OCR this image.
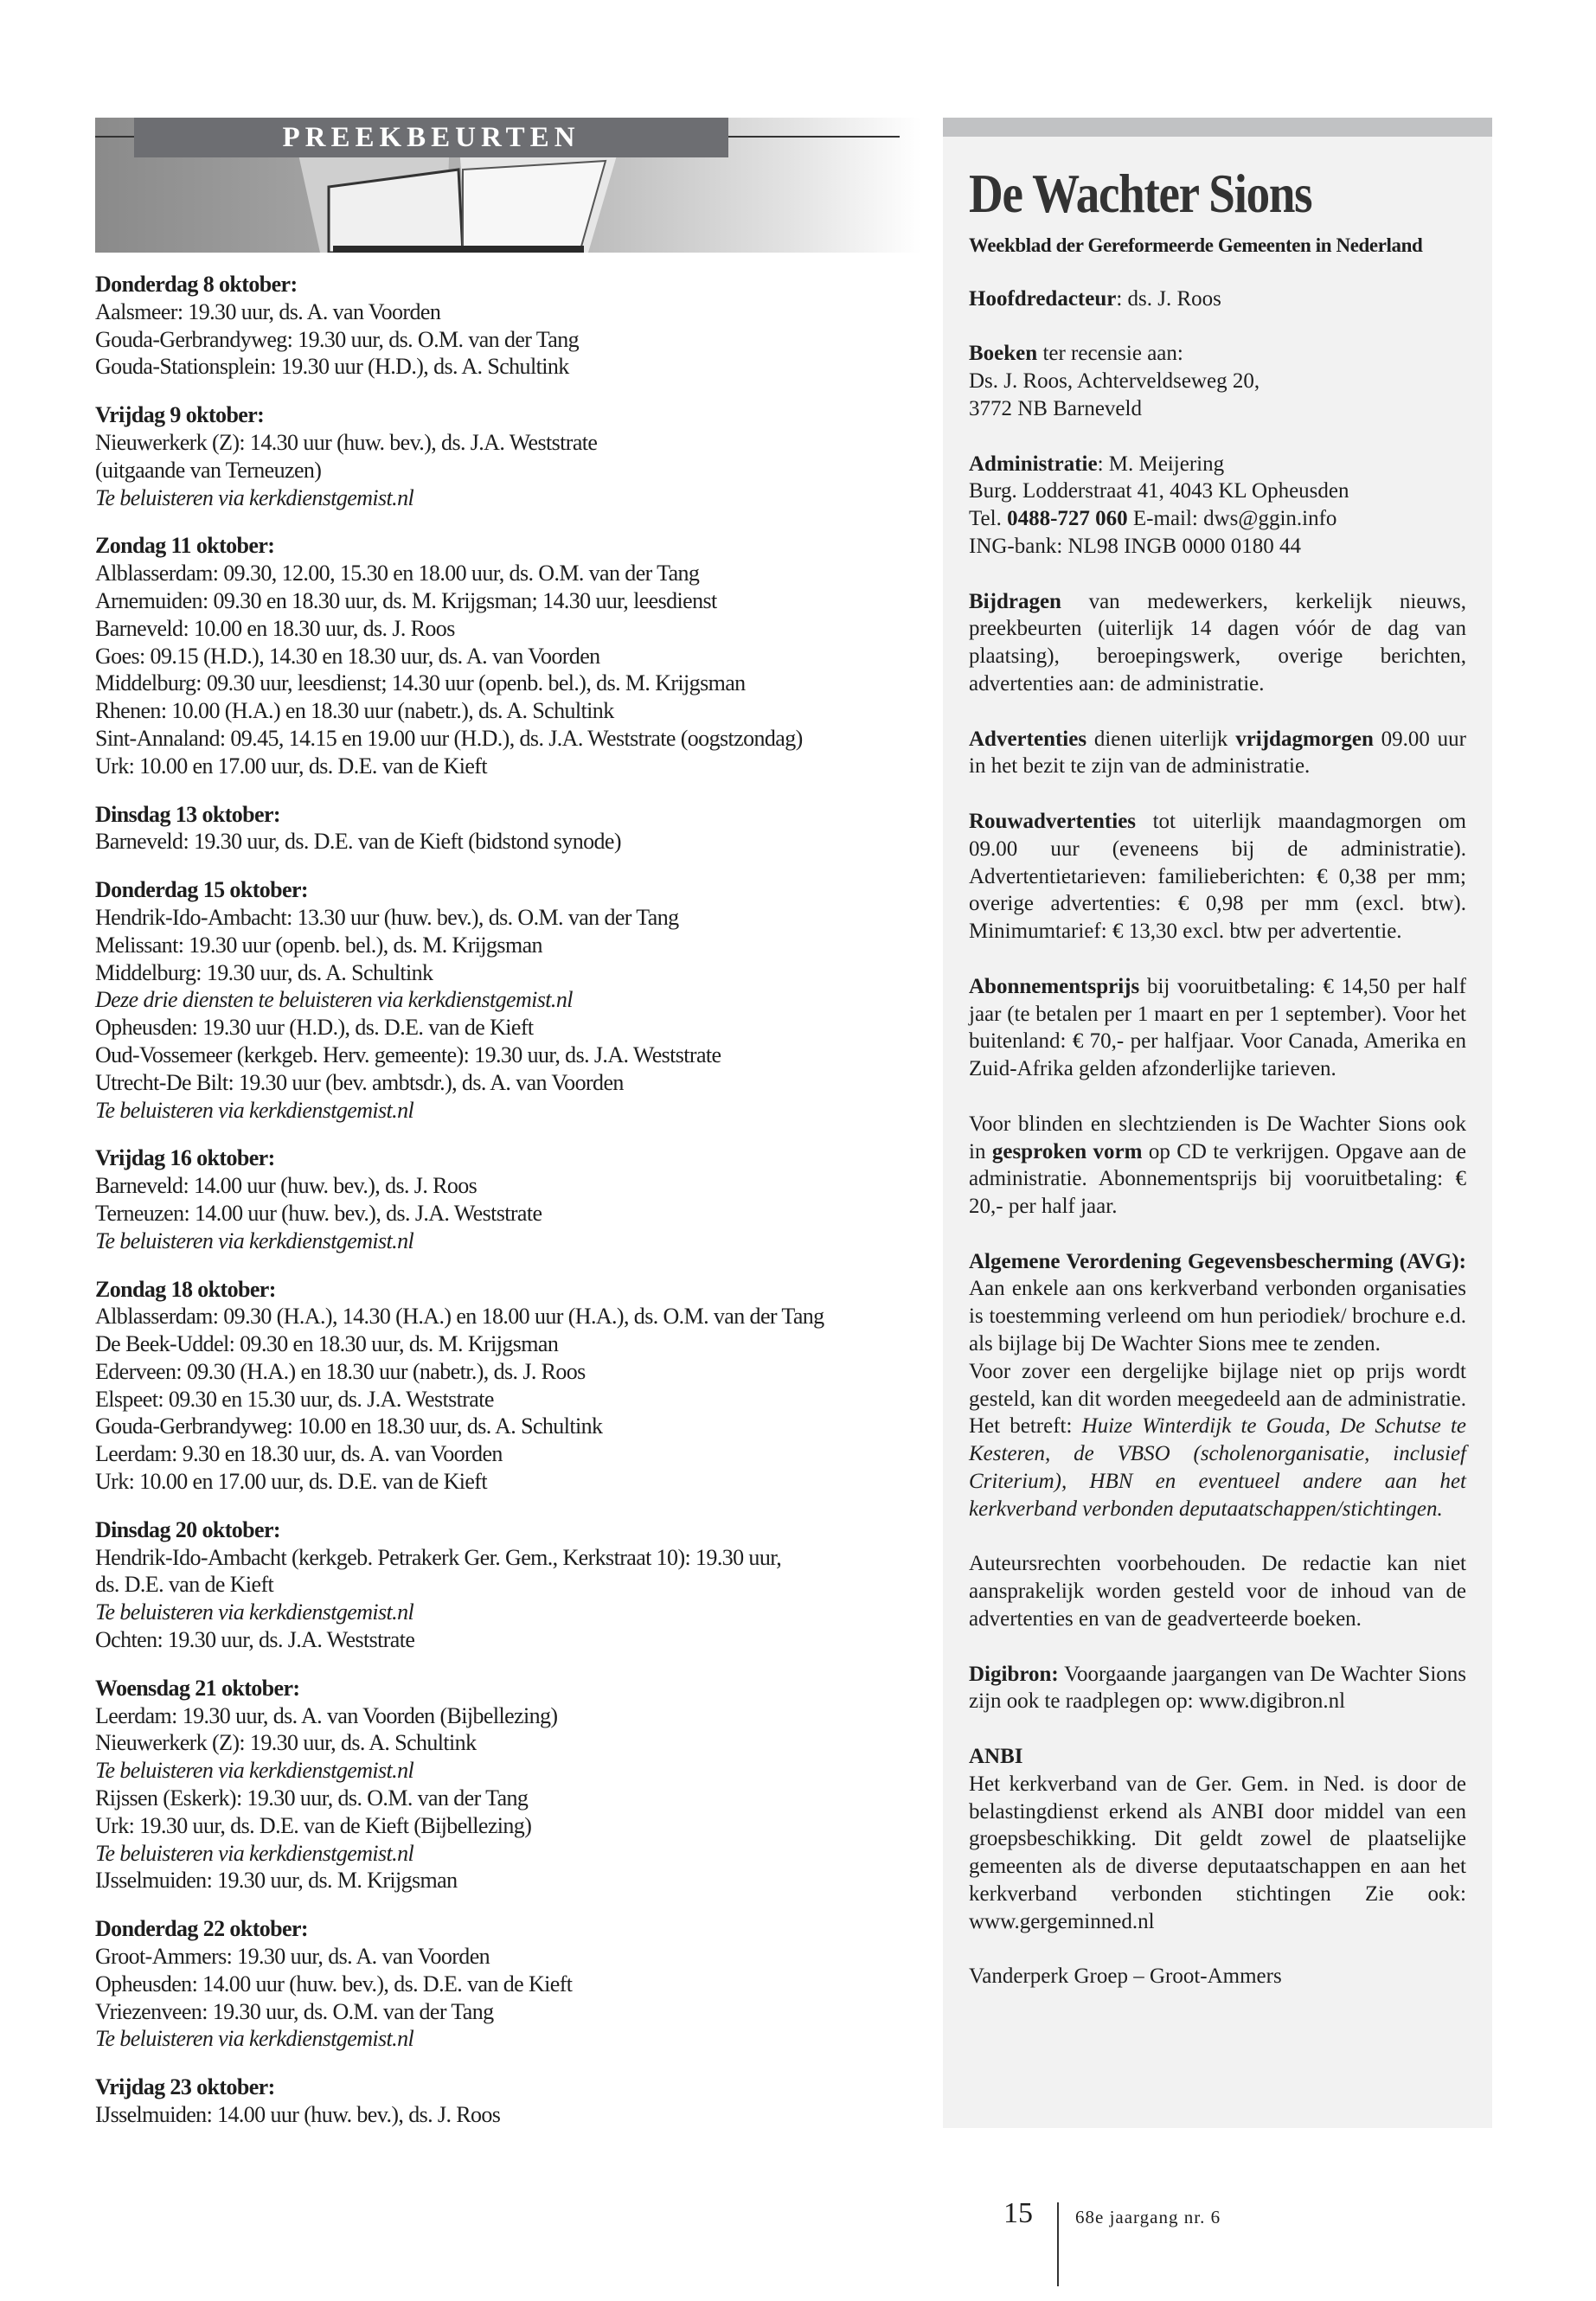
PREEKBEURTEN
Donderdag 8 oktober:
Aalsmeer: 19.30 uur, ds. A. van Voorden
Gouda-Gerbrandyweg: 19.30 uur, ds. O.M. van der Tang
Gouda-Stationsplein: 19.30 uur (H.D.), ds. A. Schultink
Vrijdag 9 oktober:
Nieuwerkerk (Z): 14.30 uur (huw. bev.), ds. J.A. Weststrate
(uitgaande van Terneuzen)
Te beluisteren via kerkdienstgemist.nl
Zondag 11 oktober:
Alblasserdam: 09.30, 12.00, 15.30 en 18.00 uur, ds. O.M. van der Tang
Arnemuiden: 09.30 en 18.30 uur, ds. M. Krijgsman; 14.30 uur, leesdienst
Barneveld: 10.00 en 18.30 uur, ds. J. Roos
Goes: 09.15 (H.D.), 14.30 en 18.30 uur, ds. A. van Voorden
Middelburg: 09.30 uur, leesdienst; 14.30 uur (openb. bel.), ds. M. Krijgsman
Rhenen: 10.00 (H.A.) en 18.30 uur (nabetr.), ds. A. Schultink
Sint-Annaland: 09.45, 14.15 en 19.00 uur (H.D.), ds. J.A. Weststrate (oogstzondag)
Urk: 10.00 en 17.00 uur, ds. D.E. van de Kieft
Dinsdag 13 oktober:
Barneveld: 19.30 uur, ds. D.E. van de Kieft (bidstond synode)
Donderdag 15 oktober:
Hendrik-Ido-Ambacht: 13.30 uur (huw. bev.), ds. O.M. van der Tang
Melissant: 19.30 uur (openb. bel.), ds. M. Krijgsman
Middelburg: 19.30 uur, ds. A. Schultink
Deze drie diensten te beluisteren via kerkdienstgemist.nl
Opheusden: 19.30 uur (H.D.), ds. D.E. van de Kieft
Oud-Vossemeer (kerkgeb. Herv. gemeente): 19.30 uur, ds. J.A. Weststrate
Utrecht-De Bilt: 19.30 uur (bev. ambtsdr.), ds. A. van Voorden
Te beluisteren via kerkdienstgemist.nl
Vrijdag 16 oktober:
Barneveld: 14.00 uur (huw. bev.), ds. J. Roos
Terneuzen: 14.00 uur (huw. bev.), ds. J.A. Weststrate
Te beluisteren via kerkdienstgemist.nl
Zondag 18 oktober:
Alblasserdam: 09.30 (H.A.), 14.30 (H.A.) en 18.00 uur (H.A.), ds. O.M. van der Tang
De Beek-Uddel: 09.30 en 18.30 uur, ds. M. Krijgsman
Ederveen: 09.30 (H.A.) en 18.30 uur (nabetr.), ds. J. Roos
Elspeet: 09.30 en 15.30 uur, ds. J.A. Weststrate
Gouda-Gerbrandyweg: 10.00 en 18.30 uur, ds. A. Schultink
Leerdam: 9.30 en 18.30 uur, ds. A. van Voorden
Urk: 10.00 en 17.00 uur, ds. D.E. van de Kieft
Dinsdag 20 oktober:
Hendrik-Ido-Ambacht (kerkgeb. Petrakerk Ger. Gem., Kerkstraat 10): 19.30 uur,
ds. D.E. van de Kieft
Te beluisteren via kerkdienstgemist.nl
Ochten: 19.30 uur, ds. J.A. Weststrate
Woensdag 21 oktober:
Leerdam: 19.30 uur, ds. A. van Voorden (Bijbellezing)
Nieuwerkerk (Z): 19.30 uur, ds. A. Schultink
Te beluisteren via kerkdienstgemist.nl
Rijssen (Eskerk): 19.30 uur, ds. O.M. van der Tang
Urk: 19.30 uur, ds. D.E. van de Kieft (Bijbellezing)
Te beluisteren via kerkdienstgemist.nl
IJsselmuiden: 19.30 uur, ds. M. Krijgsman
Donderdag 22 oktober:
Groot-Ammers: 19.30 uur, ds. A. van Voorden
Opheusden: 14.00 uur (huw. bev.), ds. D.E. van de Kieft
Vriezenveen: 19.30 uur, ds. O.M. van der Tang
Te beluisteren via kerkdienstgemist.nl
Vrijdag 23 oktober:
IJsselmuiden: 14.00 uur (huw. bev.), ds. J. Roos
De Wachter Sions
Weekblad der Gereformeerde Gemeenten in Nederland
Hoofdredacteur: ds. J. Roos
Boeken ter recensie aan:
Ds. J. Roos, Achterveldseweg 20,
3772 NB Barneveld
Administratie: M. Meijering
Burg. Lodderstraat 41, 4043 KL Opheusden
Tel. 0488-727 060 E-mail: dws@ggin.info
ING-bank: NL98 INGB 0000 0180 44
Bijdragen van medewerkers, kerkelijk nieuws, preekbeurten (uiterlijk 14 dagen vóór de dag van plaatsing), beroepingswerk, overige berichten, advertenties aan: de administratie.
Advertenties dienen uiterlijk vrijdagmorgen 09.00 uur in het bezit te zijn van de administratie.
Rouwadvertenties tot uiterlijk maandagmorgen om 09.00 uur (eveneens bij de administratie). Advertentietarieven: familieberichten: € 0,38 per mm; overige advertenties: € 0,98 per mm (excl. btw). Minimumtarief: € 13,30 excl. btw per advertentie.
Abonnementsprijs bij vooruitbetaling: € 14,50 per half jaar (te betalen per 1 maart en per 1 september). Voor het buitenland: € 70,- per halfjaar. Voor Canada, Amerika en Zuid-Afrika gelden afzonderlijke tarieven.
Voor blinden en slechtzienden is De Wachter Sions ook in gesproken vorm op CD te verkrijgen. Opgave aan de administratie. Abonnementsprijs bij vooruitbetaling: € 20,- per half jaar.
Algemene Verordening Gegevensbescherming (AVG): Aan enkele aan ons kerkverband verbonden organisaties is toestemming verleend om hun periodiek/ brochure e.d. als bijlage bij De Wachter Sions mee te zenden.
Voor zover een dergelijke bijlage niet op prijs wordt gesteld, kan dit worden meegedeeld aan de administratie. Het betreft: Huize Winterdijk te Gouda, De Schutse te Kesteren, de VBSO (scholenorganisatie, inclusief Criterium), HBN en eventueel andere aan het kerkverband verbonden deputaatschappen/stichtingen.
Auteursrechten voorbehouden. De redactie kan niet aansprakelijk worden gesteld voor de inhoud van de advertenties en van de geadverteerde boeken.
Digibron: Voorgaande jaargangen van De Wachter Sions zijn ook te raadplegen op: www.digibron.nl
ANBI
Het kerkverband van de Ger. Gem. in Ned. is door de belastingdienst erkend als ANBI door middel van een groepsbeschikking. Dit geldt zowel de plaatselijke gemeenten als de diverse deputaatschappen en aan het kerkverband verbonden stichtingen Zie ook: www.gergeminned.nl
Vanderperk Groep – Groot-Ammers
15 68e jaargang nr. 6
